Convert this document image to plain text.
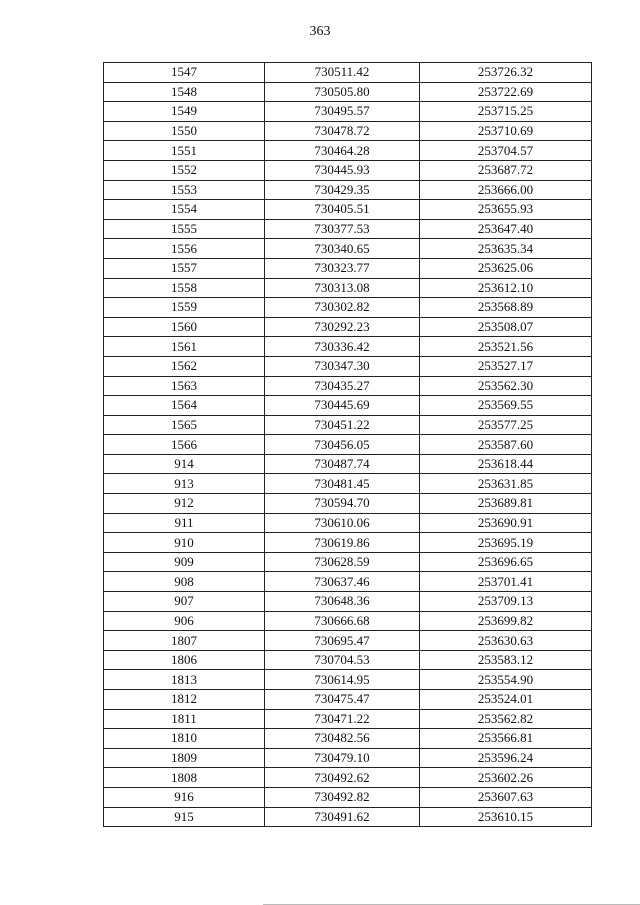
363
1547	730511.42	253726.32
1548	730505.80	253722.69
1549	730495.57	253715.25
1550	730478.72	253710.69
1551	730464.28	253704.57
1552	730445.93	253687.72
1553	730429.35	253666.00
1554	730405.51	253655.93
1555	730377.53	253647.40
1556	730340.65	253635.34
1557	730323.77	253625.06
1558	730313.08	253612.10
1559	730302.82	253568.89
1560	730292.23	253508.07
1561	730336.42	253521.56
1562	730347.30	253527.17
1563	730435.27	253562.30
1564	730445.69	253569.55
1565	730451.22	253577.25
1566	730456.05	253587.60
914	730487.74	253618.44
913	730481.45	253631.85
912	730594.70	253689.81
911	730610.06	253690.91
910	730619.86	253695.19
909	730628.59	253696.65
908	730637.46	253701.41
907	730648.36	253709.13
906	730666.68	253699.82
1807	730695.47	253630.63
1806	730704.53	253583.12
1813	730614.95	253554.90
1812	730475.47	253524.01
1811	730471.22	253562.82
1810	730482.56	253566.81
1809	730479.10	253596.24
1808	730492.62	253602.26
916	730492.82	253607.63
915	730491.62	253610.15
